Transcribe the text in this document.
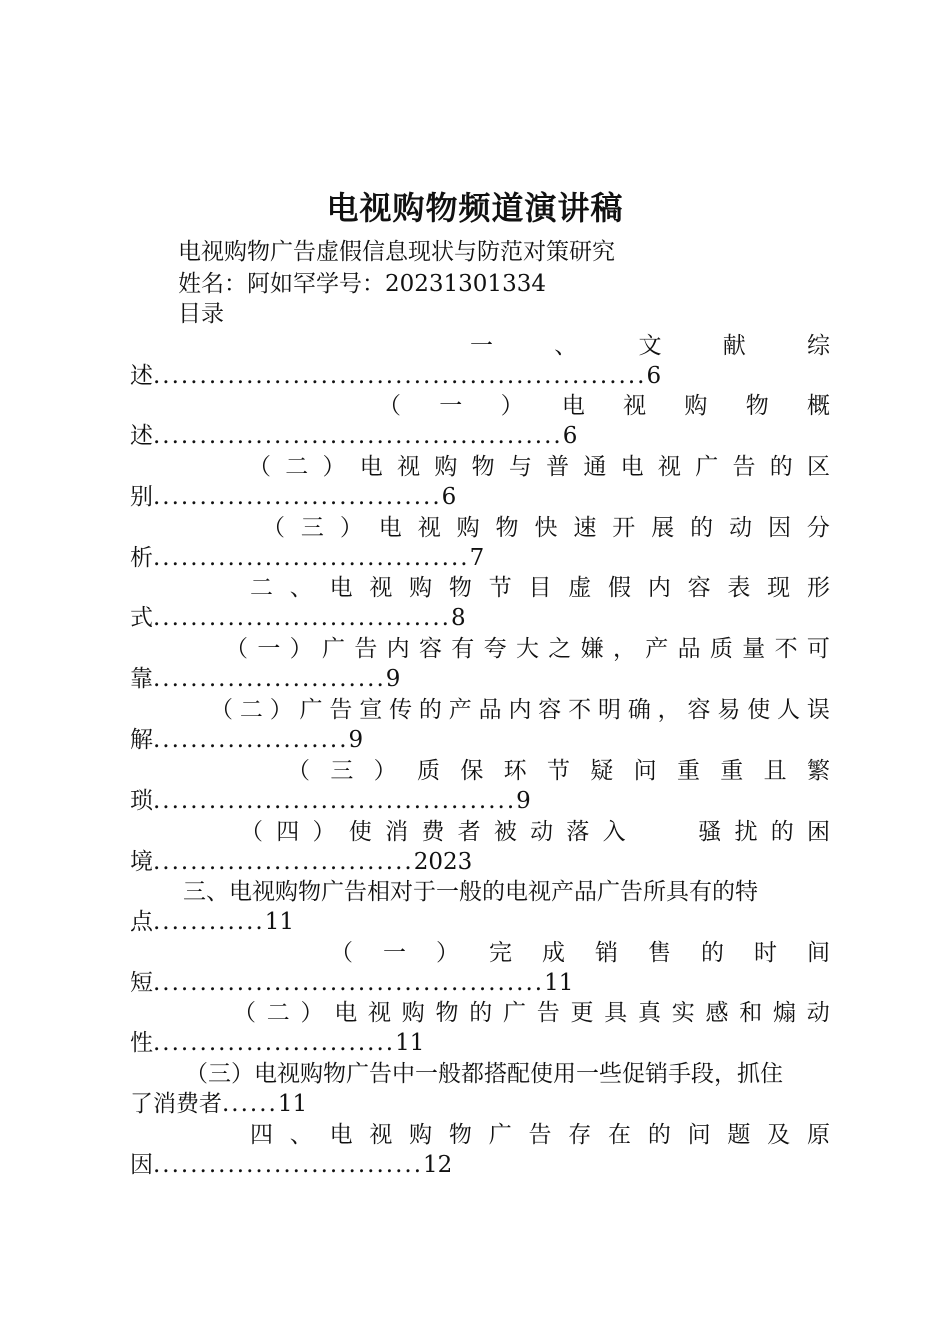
电视购物频道演讲稿
电视购物广告虚假信息现状与防范对策研究
姓名：阿如罕学号：20231301334
目录
一	、	文	献	综
述 ..................................................... 6
（ 一 ） 电 视 购 物 概
述 ............................................ 6
（ 二 ） 电 视 购 物 与 普 通 电 视 广 告 的 区
别 ............................... 6
（ 三 ） 电 视 购 物 快 速 开 展 的 动 因 分
析 .................................. 7
二 、 电 视 购 物 节 目 虚 假 内 容 表 现 形
式 ................................ 8
（ 一 ） 广 告 内 容 有 夸 大 之 嫌 ， 产 品 质 量 不 可
靠 ......................... 9
（ 二 ） 广 告 宣 传 的 产 品 内 容 不 明 确 ， 容 易 使 人 误
解 ..................... 9
（ 三 ） 质 保 环 节 疑 问 重 重 且 繁
琐 ....................................... 9
（ 四 ） 使 消 费 者 被 动 落 入	骚 扰 的 困
境 ............................ 2023
三、电视购物广告相对于一般的电视产品广告所具有的特
点 ............ 11
（ 一 ） 完 成 销 售 的 时 间
短 .......................................... 11
（ 二 ） 电 视 购 物 的 广 告 更 具 真 实 感 和 煽 动
性 .......................... 11
（三）电视购物广告中一般都搭配使用一些促销手段，抓住
了消费者 ...... 11
四 、 电 视 购 物 广 告 存 在 的 问 题 及 原
因 ............................. 12
